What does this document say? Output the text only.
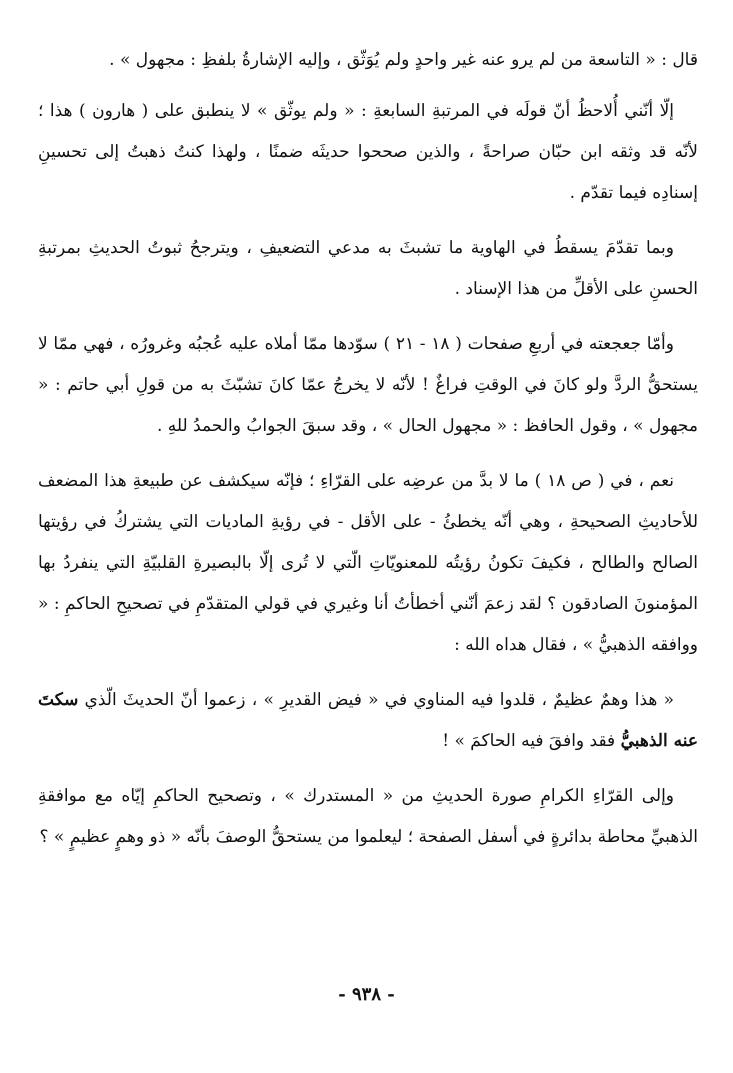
قال : « التاسعة من لم يرو عنه غير واحدٍ ولم يُوَثّق ، وإليه الإشارةُ بلفظِ : مجهول » .

إلّا أنّني أُلاحظُ أنّ قولَه في المرتبةِ السابعةِ : « ولم يوثّق » لا ينطبق على ( هارون ) هذا ؛ لأنّه قد وثقه ابن حبّان صراحةً ، والذين صححوا حديثَه ضمنًا ، ولهذا كنتُ ذهبتُ إلى تحسينِ إسنادِه فيما تقدّم .

وبما تقدّمَ يسقطُ في الهاوية ما تشبثَ به مدعي التضعيفِ ، ويترجحُ ثبوتُ الحديثِ بمرتبةِ الحسنِ على الأقلِّ من هذا الإسناد .

وأمّا جعجعته في أربعِ صفحات ( ١٨ - ٢١ ) سوّدها ممّا أملاه عليه عُجبُه وغرورُه ، فهي ممّا لا يستحقُّ الردَّ ولو كانَ في الوقتِ فراغٌ ! لأنّه لا يخرجُ عمّا كانَ تشبّثَ به من قولِ أبي حاتم : « مجهول » ، وقول الحافظ : « مجهول الحال » ، وقد سبقَ الجوابُ والحمدُ للهِ .

نعم ، في ( ص ١٨ ) ما لا بدَّ من عرضِه على القرّاءِ ؛ فإنّه سيكشف عن طبيعةِ هذا المضعف للأحاديثِ الصحيحةِ ، وهي أنّه يخطئُ - على الأقل - في رؤيةِ الماديات التي يشتركُ في رؤيتها الصالح والطالح ، فكيفَ تكونُ رؤيتُه للمعنويّاتِ الّتي لا تُرى إلّا بالبصيرةِ القلبيّةِ التي ينفردُ بها المؤمنونَ الصادقون ؟ لقد زعمَ أنّني أخطأتُ أنا وغيري في قولي المتقدّمِ في تصحيحِ الحاكمِ : « ووافقه الذهبيُّ » ، فقال هداه الله :

« هذا وهمٌ عظيمٌ ، قلدوا فيه المناوي في « فيض القديرِ » ، زعموا أنّ الحديثَ الّذي سكتَ عنه الذهبيُّ فقد وافقَ فيه الحاكمَ » !

وإلى القرّاءِ الكرامِ صورة الحديثِ من « المستدرك » ، وتصحيح الحاكمِ إيّاه مع موافقةِ الذهبيِّ محاطة بدائرةٍ في أسفل الصفحة ؛ ليعلموا من يستحقُّ الوصفَ بأنّه « ذو وهمٍ عظيمٍ » ؟

- ٩٣٨ -
